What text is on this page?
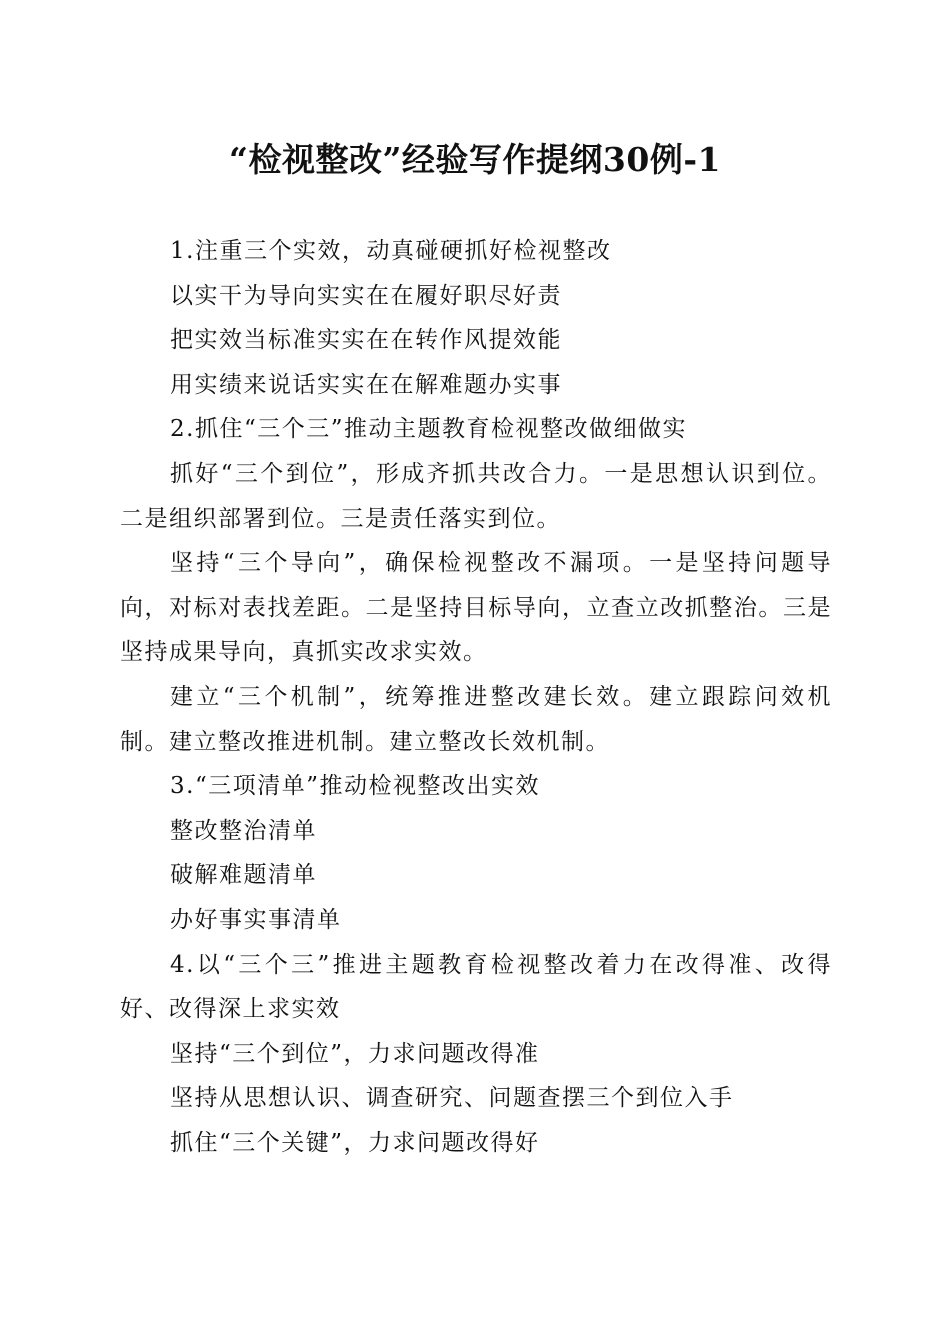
“检视整改”经验写作提纲30例-1

1.注重三个实效，动真碰硬抓好检视整改

以实干为导向实实在在履好职尽好责

把实效当标准实实在在转作风提效能

用实绩来说话实实在在解难题办实事

2.抓住“三个三”推动主题教育检视整改做细做实

抓好“三个到位”，形成齐抓共改合力。一是思想认识到位。二是组织部署到位。三是责任落实到位。

坚持“三个导向”，确保检视整改不漏项。一是坚持问题导向，对标对表找差距。二是坚持目标导向，立查立改抓整治。三是坚持成果导向，真抓实改求实效。

建立“三个机制”，统筹推进整改建长效。建立跟踪问效机制。建立整改推进机制。建立整改长效机制。

3.“三项清单”推动检视整改出实效

整改整治清单

破解难题清单

办好事实事清单

4.以“三个三”推进主题教育检视整改着力在改得准、改得好、改得深上求实效

坚持“三个到位”，力求问题改得准

坚持从思想认识、调查研究、问题查摆三个到位入手

抓住“三个关键”，力求问题改得好
